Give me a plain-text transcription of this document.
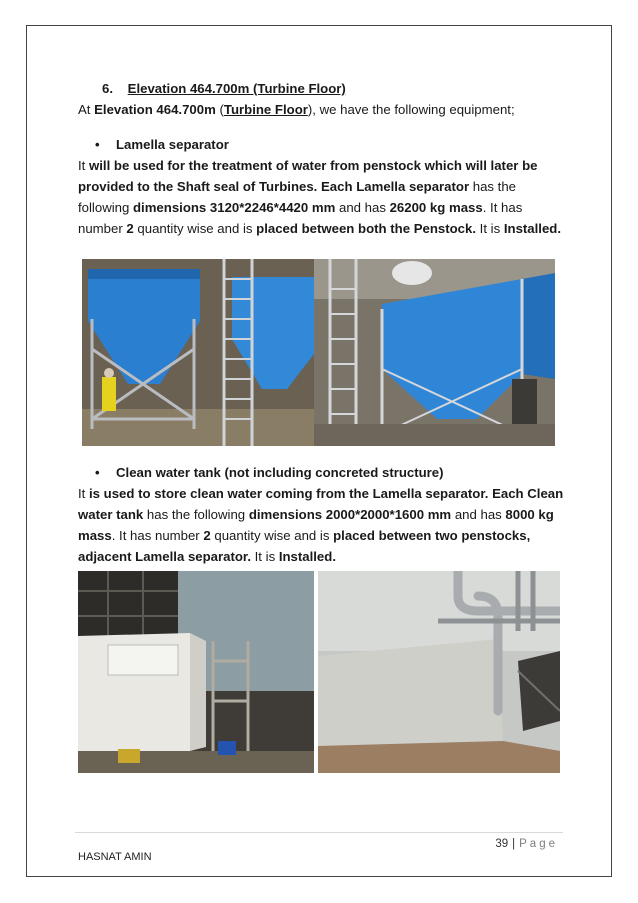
6. Elevation 464.700m (Turbine Floor)

At Elevation 464.700m (Turbine Floor), we have the following equipment;

• Lamella separator

It will be used for the treatment of water from penstock which will later be provided to the Shaft seal of Turbines. Each Lamella separator has the following dimensions 3120*2246*4420 mm and has 26200 kg mass. It has number 2 quantity wise and is placed between both the Penstock. It is Installed.

• Clean water tank (not including concreted structure)

It is used to store clean water coming from the Lamella separator. Each Clean water tank has the following dimensions 2000*2000*1600 mm and has 8000 kg mass. It has number 2 quantity wise and is placed between two penstocks, adjacent Lamella separator. It is Installed.

39 | Page
HASNAT AMIN
